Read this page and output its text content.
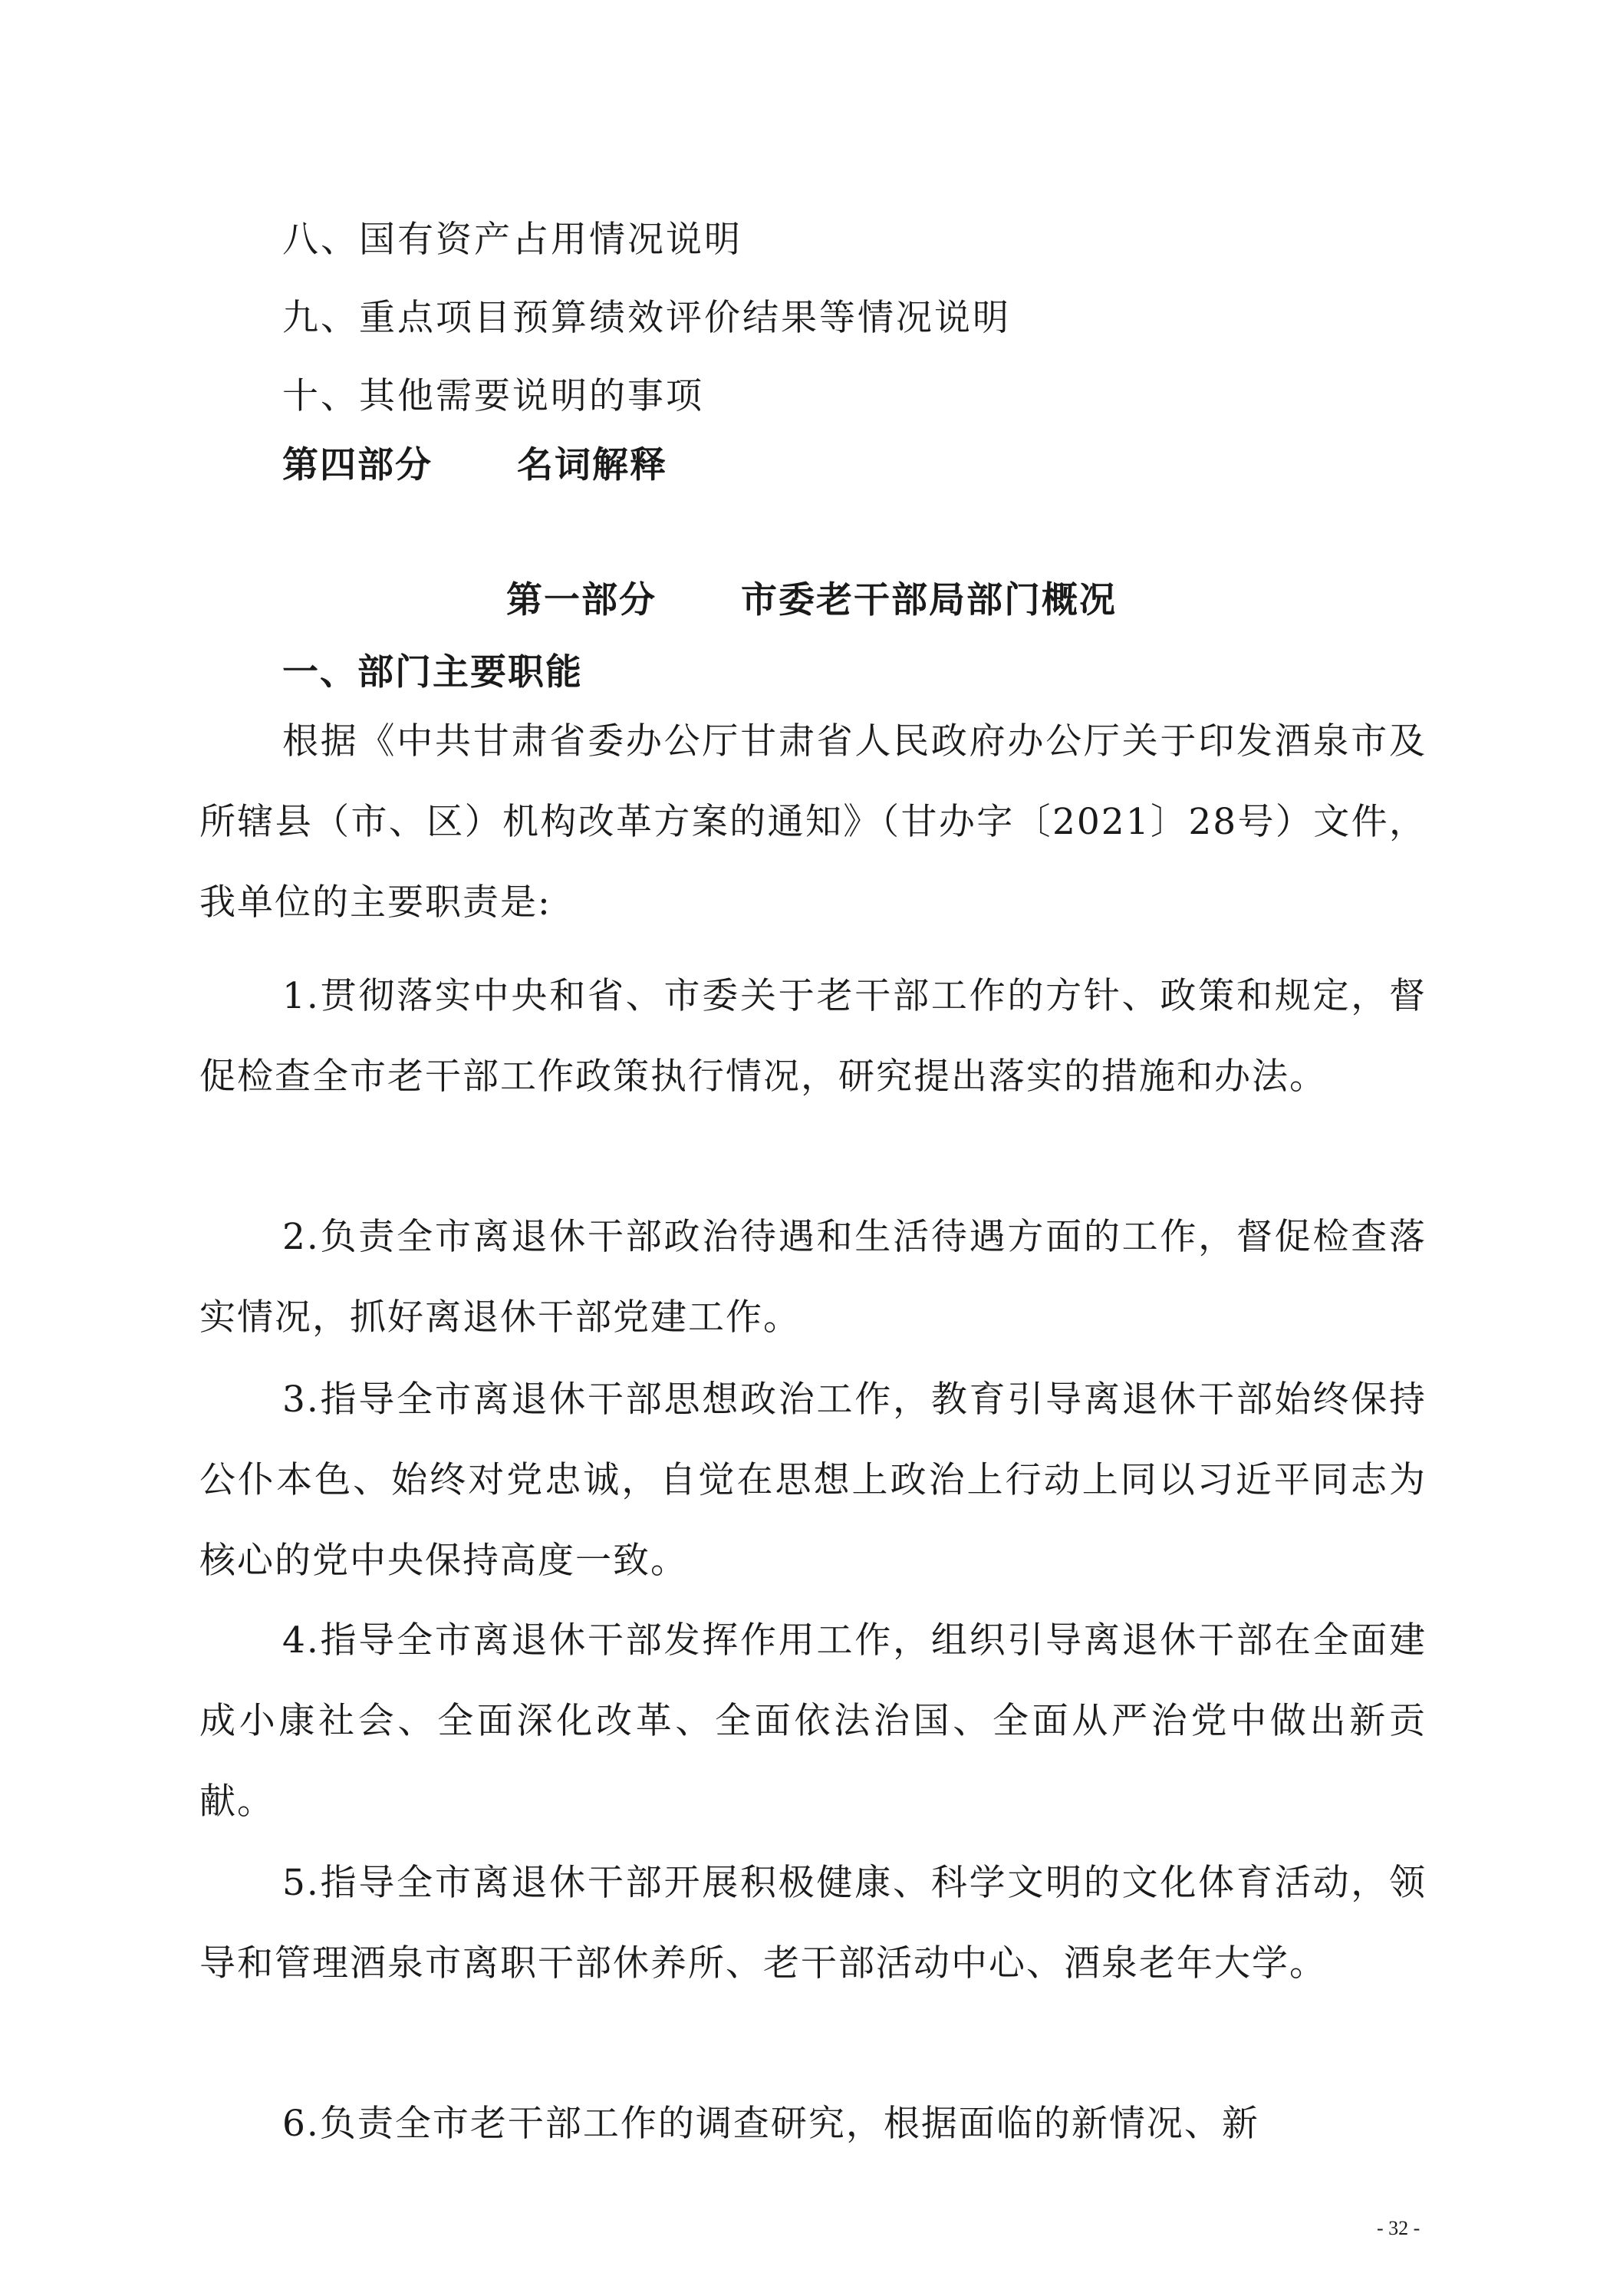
八、国有资产占用情况说明
九、重点项目预算绩效评价结果等情况说明
十、其他需要说明的事项
第四部分 名词解释
第一部分 市委老干部局部门概况
一、部门主要职能
根据《中共甘肃省委办公厅甘肃省人民政府办公厅关于印发酒泉市及所辖县（市、区）机构改革方案的通知》（甘办字〔2021〕28号）文件，我单位的主要职责是:
1.贯彻落实中央和省、市委关于老干部工作的方针、政策和规定，督促检查全市老干部工作政策执行情况，研究提出落实的措施和办法。
2.负责全市离退休干部政治待遇和生活待遇方面的工作，督促检查落实情况，抓好离退休干部党建工作。
3.指导全市离退休干部思想政治工作，教育引导离退休干部始终保持公仆本色、始终对党忠诚，自觉在思想上政治上行动上同以习近平同志为核心的党中央保持高度一致。
4.指导全市离退休干部发挥作用工作，组织引导离退休干部在全面建成小康社会、全面深化改革、全面依法治国、全面从严治党中做出新贡献。
5.指导全市离退休干部开展积极健康、科学文明的文化体育活动，领导和管理酒泉市离职干部休养所、老干部活动中心、酒泉老年大学。
6.负责全市老干部工作的调查研究，根据面临的新情况、新
- 32 -
